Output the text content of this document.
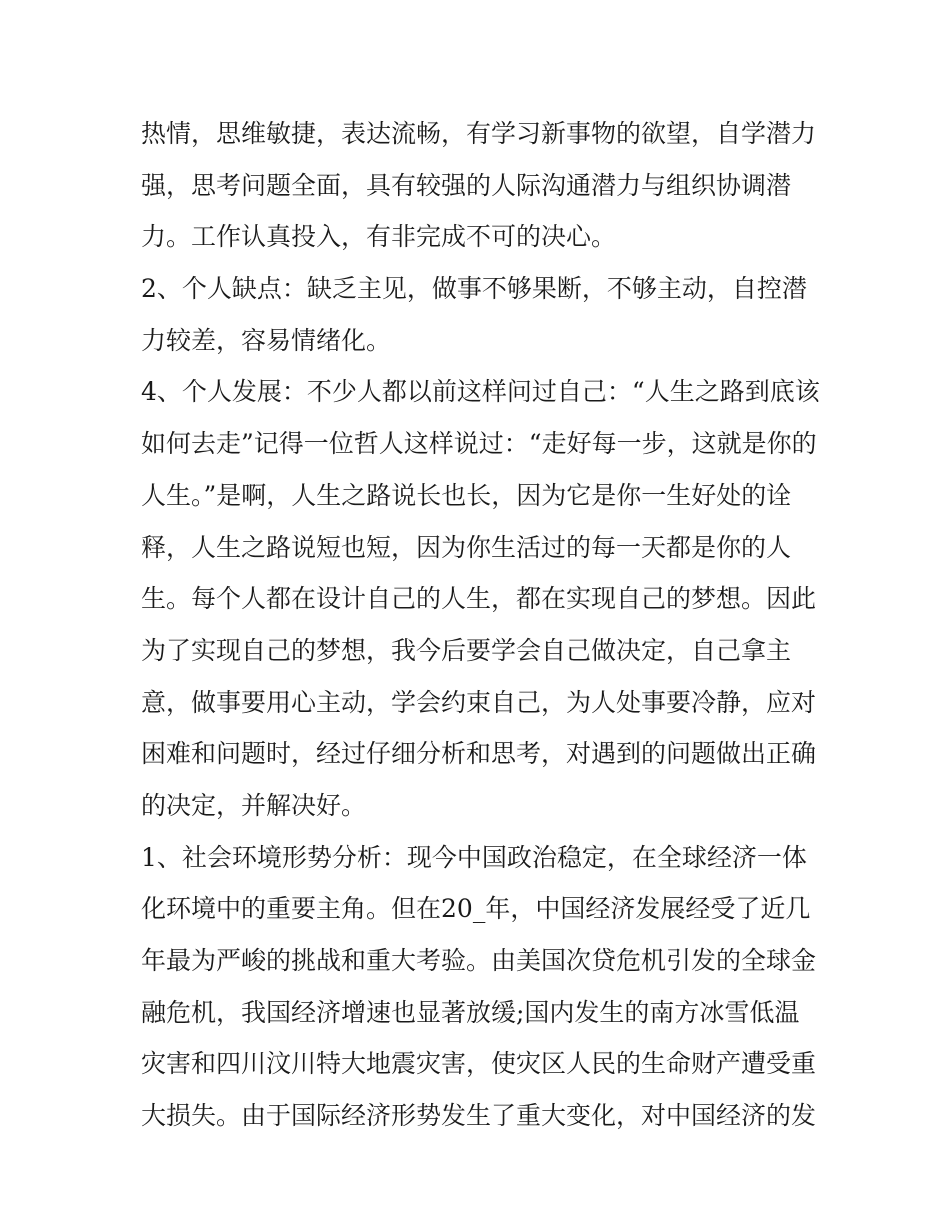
热情，思维敏捷，表达流畅，有学习新事物的欲望，自学潜力
强，思考问题全面，具有较强的人际沟通潜力与组织协调潜
力。工作认真投入，有非完成不可的决心。
2、个人缺点：缺乏主见，做事不够果断，不够主动，自控潜
力较差，容易情绪化。
4、个人发展：不少人都以前这样问过自己：“人生之路到底该
如何去走”记得一位哲人这样说过：“走好每一步，这就是你的
人生。”是啊，人生之路说长也长，因为它是你一生好处的诠
释，人生之路说短也短，因为你生活过的每一天都是你的人
生。每个人都在设计自己的人生，都在实现自己的梦想。因此
为了实现自己的梦想，我今后要学会自己做决定，自己拿主
意，做事要用心主动，学会约束自己，为人处事要冷静，应对
困难和问题时，经过仔细分析和思考，对遇到的问题做出正确
的决定，并解决好。
1、社会环境形势分析：现今中国政治稳定，在全球经济一体
化环境中的重要主角。但在20_年，中国经济发展经受了近几
年最为严峻的挑战和重大考验。由美国次贷危机引发的全球金
融危机，我国经济增速也显著放缓;国内发生的南方冰雪低温
灾害和四川汶川特大地震灾害，使灾区人民的生命财产遭受重
大损失。由于国际经济形势发生了重大变化，对中国经济的发
